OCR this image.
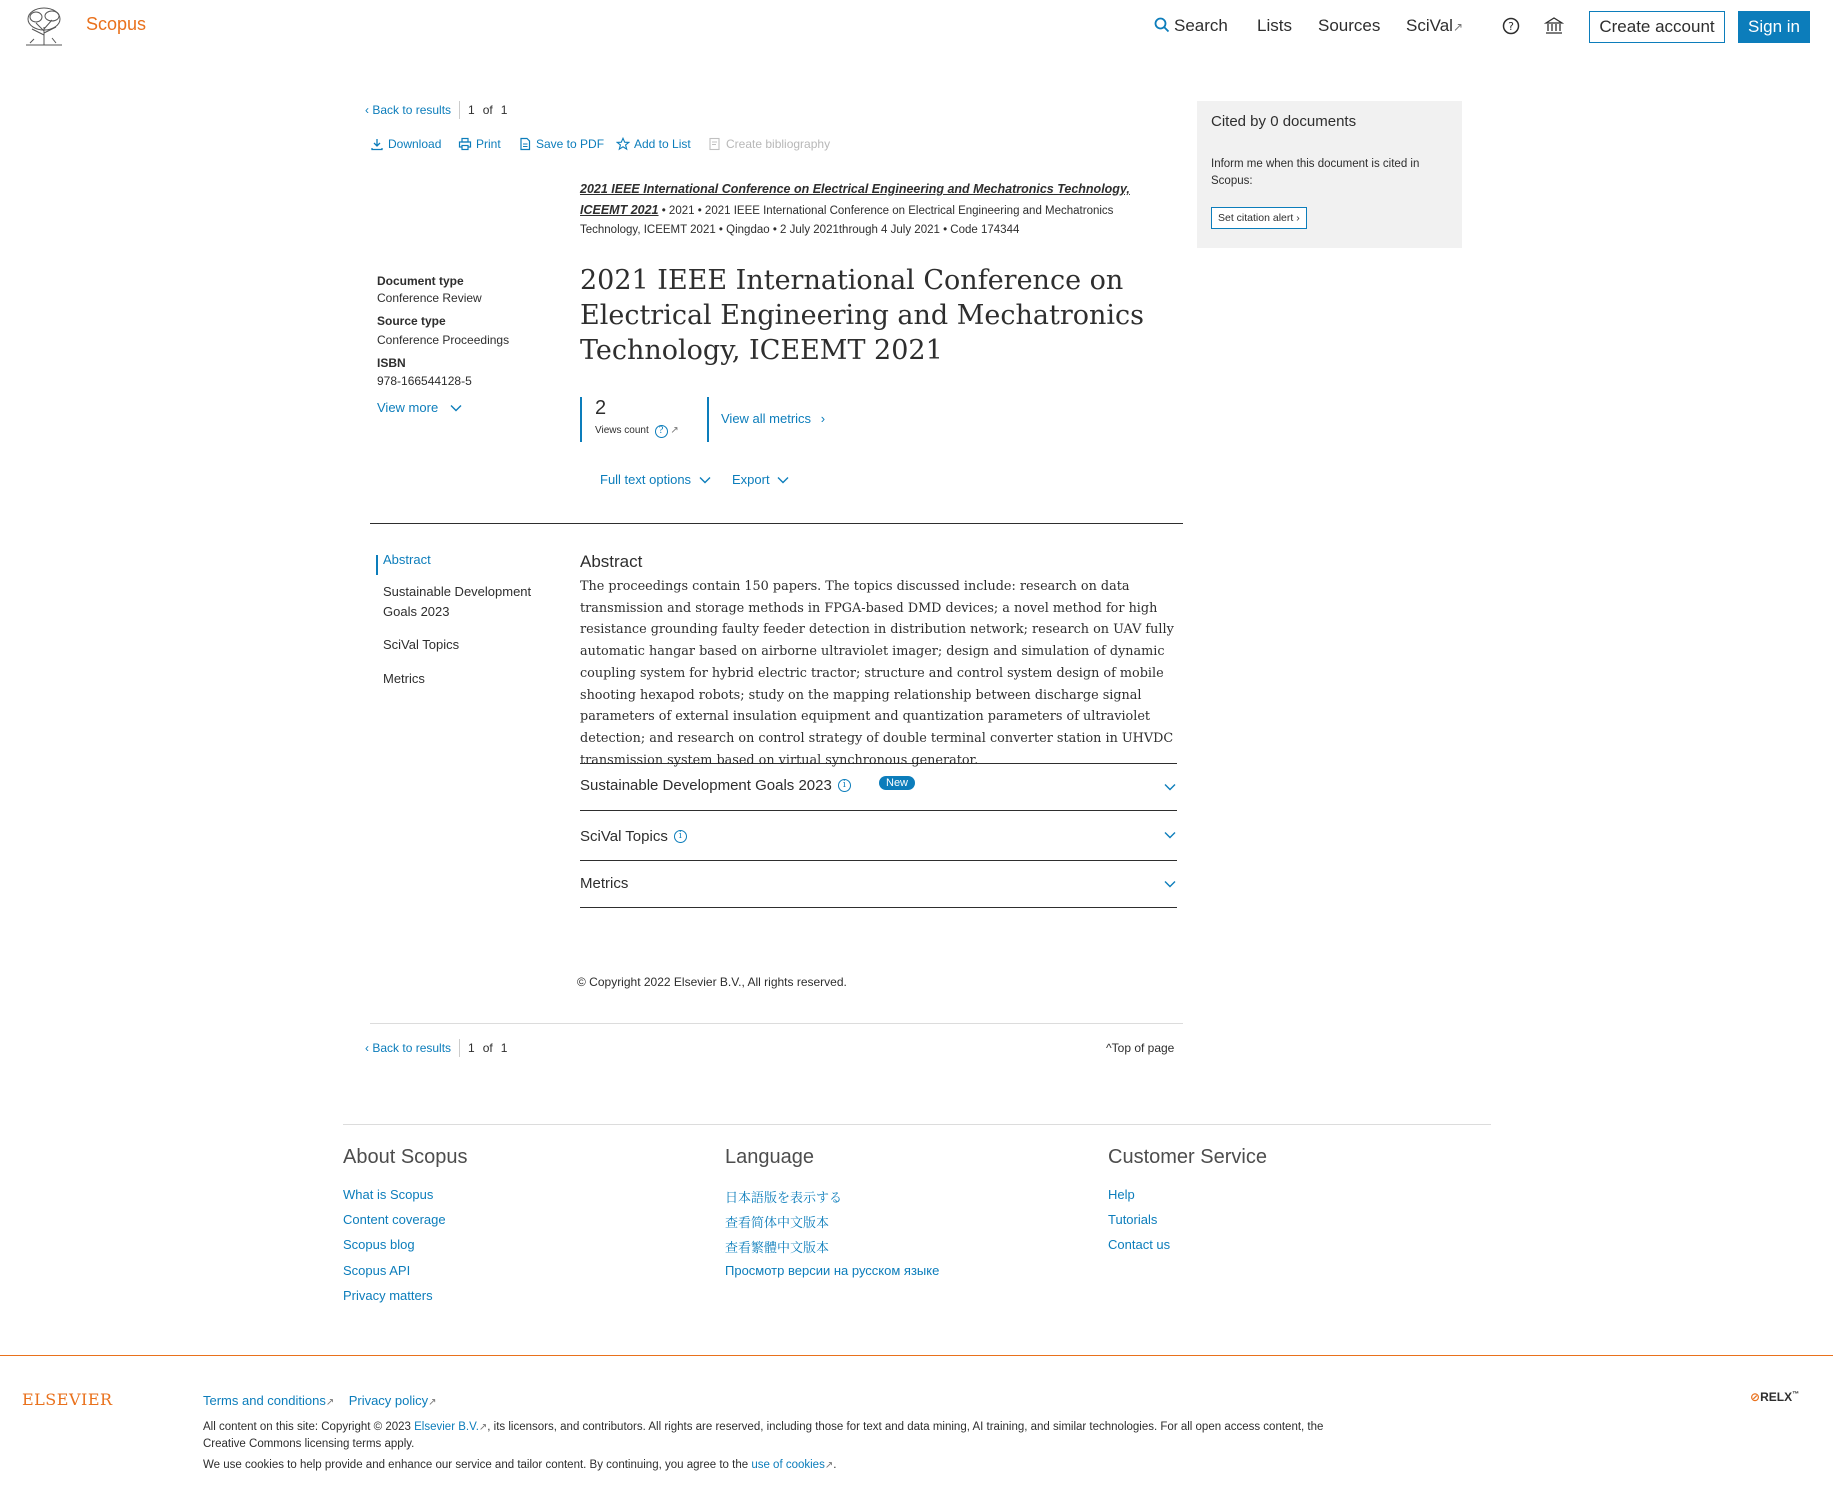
Scopus	Search Lists Sources SciVal↗	?	Create account	Sign in
‹ Back to results 1 of 1
Download	Print	Save to PDF Add to List	Create bibliography
2021 IEEE International Conference on Electrical Engineering and Mechatronics Technology, ICEEMT 2021 • 2021 • 2021 IEEE International Conference on Electrical Engineering and Mechatronics Technology, ICEEMT 2021 • Qingdao • 2 July 2021through 4 July 2021 • Code 174344
Document type
Conference Review
Source type
Conference Proceedings
ISBN
978-166544128-5
View more
2021 IEEE International Conference on Electrical Engineering and Mechatronics Technology, ICEEMT 2021
2
Views count ? ↗
View all metrics ›
Full text options	Export
Abstract
Sustainable Development Goals 2023
SciVal Topics
Metrics
Abstract
The proceedings contain 150 papers. The topics discussed include: research on data transmission and storage methods in FPGA-based DMD devices; a novel method for high resistance grounding faulty feeder detection in distribution network; research on UAV fully automatic hangar based on airborne ultraviolet imager; design and simulation of dynamic coupling system for hybrid electric tractor; structure and control system design of mobile shooting hexapod robots; study on the mapping relationship between discharge signal parameters of external insulation equipment and quantization parameters of ultraviolet detection; and research on control strategy of double terminal converter station in UHVDC transmission system based on virtual synchronous generator.
Sustainable Development Goals 2023	i	New
SciVal Topics	i
Metrics
© Copyright 2022 Elsevier B.V., All rights reserved.
‹ Back to results 1 of 1	^Top of page
Cited by 0 documents
Inform me when this document is cited in Scopus:
Set citation alert ›
About Scopus
What is Scopus
Content coverage
Scopus blog
Scopus API
Privacy matters
Language
日本語版を表示する
查看简体中文版本
查看繁體中文版本
Просмотр версии на русском языке
Customer Service
Help
Tutorials
Contact us
ELSEVIER	Terms and conditions↗ Privacy policy↗
All content on this site: Copyright © 2023 Elsevier B.V.↗, its licensors, and contributors. All rights are reserved, including those for text and data mining, AI training, and similar technologies. For all open access content, the Creative Commons licensing terms apply.
We use cookies to help provide and enhance our service and tailor content. By continuing, you agree to the use of cookies↗.
⊘RELX™
